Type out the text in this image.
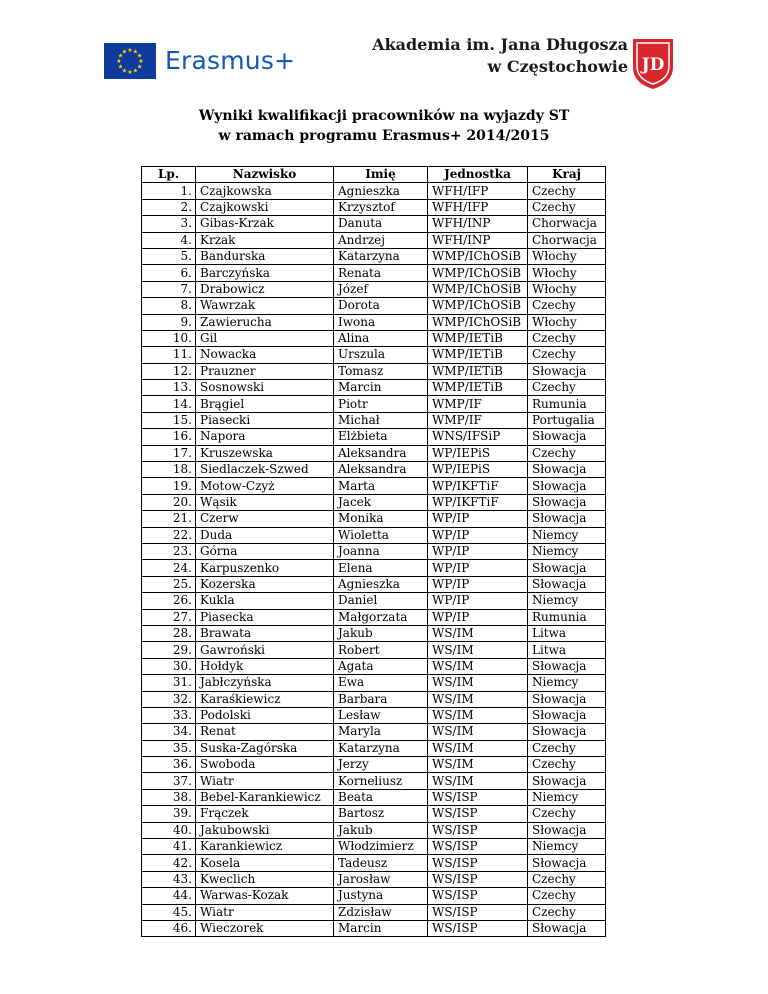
★ ★
★
★
★
★
★
★
★
★
★
★ Erasmus+
Akademia im. Jana Długosza
w Częstochowie JD
Wyniki kwalifikacji pracowników na wyjazdy ST
w ramach programu Erasmus+ 2014/2015
Lp.	Nazwisko	Imię	Jednostka	Kraj
1.	Czajkowska	Agnieszka	WFH/IFP	Czechy
2.	Czajkowski	Krzysztof	WFH/IFP	Czechy
3.	Gibas-Krzak	Danuta	WFH/INP	Chorwacja
4.	Krzak	Andrzej	WFH/INP	Chorwacja
5.	Bandurska	Katarzyna	WMP/IChOSiB	Włochy
6.	Barczyńska	Renata	WMP/IChOSiB	Włochy
7.	Drabowicz	Józef	WMP/IChOSiB	Włochy
8.	Wawrzak	Dorota	WMP/IChOSiB	Czechy
9.	Zawierucha	Iwona	WMP/IChOSiB	Włochy
10.	Gil	Alina	WMP/IETiB	Czechy
11.	Nowacka	Urszula	WMP/IETiB	Czechy
12.	Prauzner	Tomasz	WMP/IETiB	Słowacja
13.	Sosnowski	Marcin	WMP/IETiB	Czechy
14.	Brągiel	Piotr	WMP/IF	Rumunia
15.	Piasecki	Michał	WMP/IF	Portugalia
16.	Napora	Elżbieta	WNS/IFSiP	Słowacja
17.	Kruszewska	Aleksandra	WP/IEPiS	Czechy
18.	Siedlaczek-Szwed	Aleksandra	WP/IEPiS	Słowacja
19.	Motow-Czyż	Marta	WP/IKFTiF	Słowacja
20.	Wąsik	Jacek	WP/IKFTiF	Słowacja
21.	Czerw	Monika	WP/IP	Słowacja
22.	Duda	Wioletta	WP/IP	Niemcy
23.	Górna	Joanna	WP/IP	Niemcy
24.	Karpuszenko	Elena	WP/IP	Słowacja
25.	Kozerska	Agnieszka	WP/IP	Słowacja
26.	Kukla	Daniel	WP/IP	Niemcy
27.	Piasecka	Małgorzata	WP/IP	Rumunia
28.	Brawata	Jakub	WS/IM	Litwa
29.	Gawroński	Robert	WS/IM	Litwa
30.	Hołdyk	Agata	WS/IM	Słowacja
31.	Jabłczyńska	Ewa	WS/IM	Niemcy
32.	Karaśkiewicz	Barbara	WS/IM	Słowacja
33.	Podolski	Lesław	WS/IM	Słowacja
34.	Renat	Maryla	WS/IM	Słowacja
35.	Suska-Zagórska	Katarzyna	WS/IM	Czechy
36.	Swoboda	Jerzy	WS/IM	Czechy
37.	Wiatr	Korneliusz	WS/IM	Słowacja
38.	Bebel-Karankiewicz	Beata	WS/ISP	Niemcy
39.	Frączek	Bartosz	WS/ISP	Czechy
40.	Jakubowski	Jakub	WS/ISP	Słowacja
41.	Karankiewicz	Włodzimierz	WS/ISP	Niemcy
42.	Kosela	Tadeusz	WS/ISP	Słowacja
43.	Kweclich	Jarosław	WS/ISP	Czechy
44.	Warwas-Kozak	Justyna	WS/ISP	Czechy
45.	Wiatr	Zdzisław	WS/ISP	Czechy
46.	Wieczorek	Marcin	WS/ISP	Słowacja
